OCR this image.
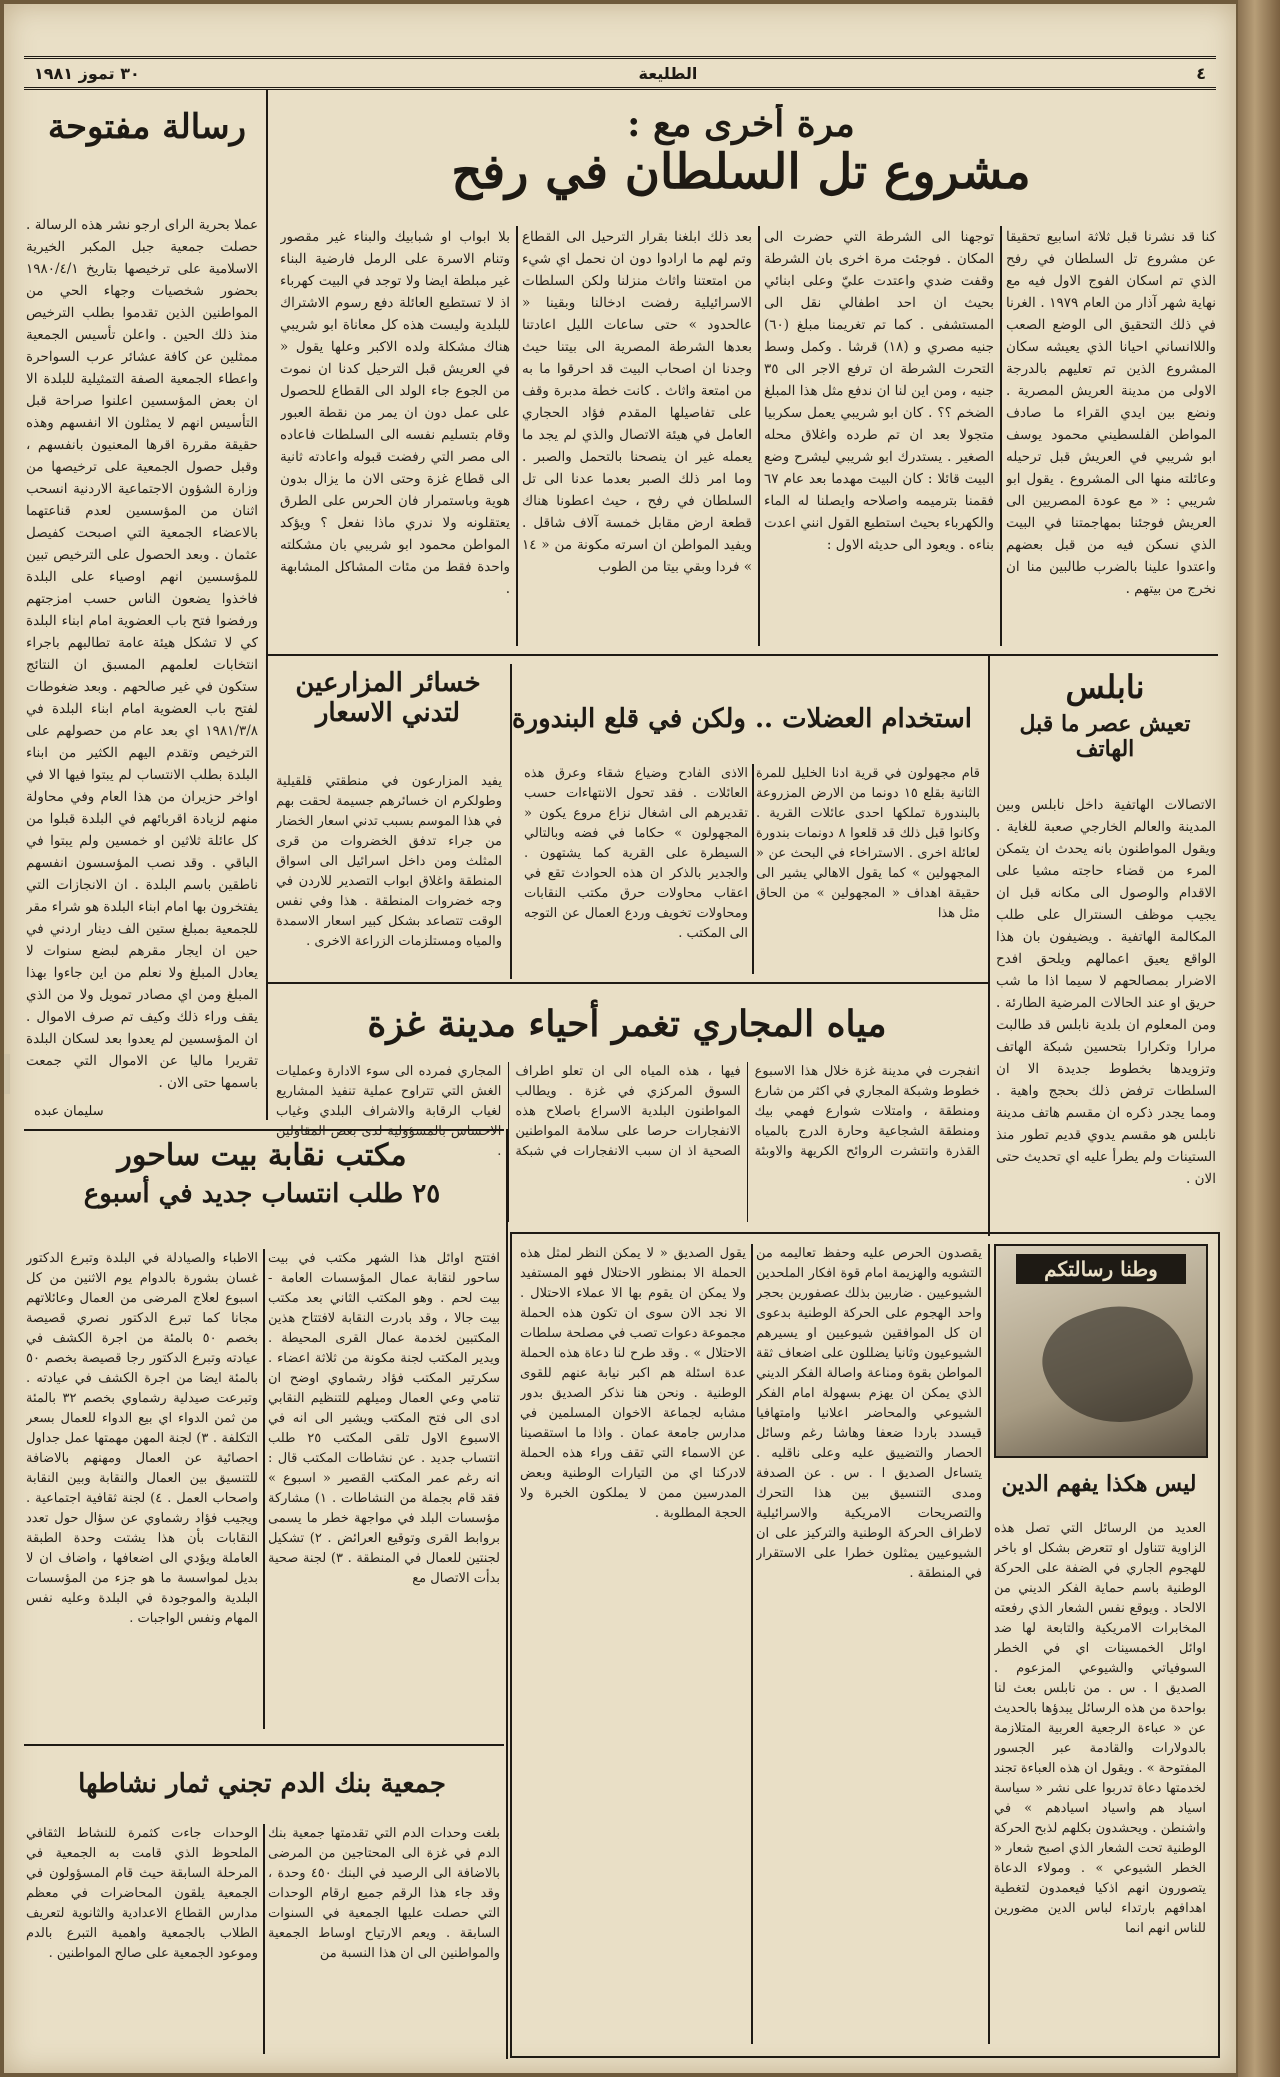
٣٠ تموز ١٩٨١	الطليعة	٤
مرة أخرى مع :
مشروع تل السلطان في رفح
كنا قد نشرنا قبل ثلاثة اسابيع تحقيقا عن مشروع تل السلطان في رفح الذي تم اسكان الفوج الاول فيه مع نهاية شهر آذار من العام ١٩٧٩ . الغرنا في ذلك التحقيق الى الوضع الصعب واللاانساني احيانا الذي يعيشه سكان المشروع الذين تم تعليهم بالدرجة الاولى من مدينة العريش المصرية . ونضع بين ايدي القراء ما صادف المواطن الفلسطيني محمود يوسف ابو شريبي في العريش قبل ترحيله وعائلته منها الى المشروع . يقول ابو شريبي : « مع عودة المصريين الى العريش فوجئنا بمهاجمتنا في البيت الذي نسكن فيه من قبل بعضهم واعتدوا علينا بالضرب طالبين منا ان نخرج من بيتهم .
توجهنا الى الشرطة التي حضرت الى المكان . فوجئت مرة اخرى بان الشرطة وقفت ضدي واعتدت عليّ وعلى ابنائي بحيث ان احد اطفالي نقل الى المستشفى . كما تم تغريمنا مبلغ (٦٠) جنيه مصري و (١٨) قرشا . وكمل وسط التحرت الشرطة ان ترفع الاجر الى ٣٥ جنيه ، ومن اين لنا ان ندفع مثل هذا المبلغ الضخم ؟؟ . كان ابو شريبي يعمل سكربيا متجولا بعد ان تم طرده واغلاق محله الصغير . يستدرك ابو شريبي ليشرح وضع البيت قائلا : كان البيت مهدما بعد عام ٦٧ فقمنا بترميمه واصلاحه وايصلنا له الماء والكهرباء بحيث استطيع القول انني اعدت بناءه . ويعود الى حديثه الاول :
بعد ذلك ابلغنا بقرار الترحيل الى القطاع وتم لهم ما ارادوا دون ان نحمل اي شيء من امتعتنا واثاث منزلنا ولكن السلطات الاسرائيلية رفضت ادخالنا وبقينا « عالحدود » حتى ساعات الليل اعادتنا بعدها الشرطة المصرية الى بيتنا حيث وجدنا ان اصحاب البيت قد احرقوا ما به من امتعة واثاث . كانت خطة مدبرة وقف على تفاصيلها المقدم فؤاد الحجاري العامل في هيئة الاتصال والذي لم يجد ما يعمله غير ان ينصحنا بالتحمل والصبر . وما امر ذلك الصبر بعدما عدنا الى تل السلطان في رفح ، حيث اعطونا هناك قطعة ارض مقابل خمسة آلاف شاقل . ويفيد المواطن ان اسرته مكونة من « ١٤ » فردا وبقي بيتا من الطوب
بلا ابواب او شبابيك والبناء غير مقصور وتنام الاسرة على الرمل فارضية البناء غير مبلطة ايضا ولا توجد في البيت كهرباء اذ لا تستطيع العائلة دفع رسوم الاشتراك للبلدية وليست هذه كل معاناة ابو شريبي هناك مشكلة ولده الاكبر وعلها يقول « في العريش قبل الترحيل كدنا ان نموت من الجوع جاء الولد الى القطاع للحصول على عمل دون ان يمر من نقطة العبور وقام بتسليم نفسه الى السلطات فاعاده الى مصر التي رفضت قبوله واعادته ثانية الى قطاع غزة وحتى الان ما يزال بدون هوية وباستمرار فان الحرس على الطرق يعتقلونه ولا ندري ماذا نفعل ؟ ويؤكد المواطن محمود ابو شريبي بان مشكلته واحدة فقط من مئات المشاكل المشابهة .
رسالة مفتوحة
عملا بحرية الراى ارجو نشر هذه الرسالة . حصلت جمعية جبل المكبر الخيرية الاسلامية على ترخيصها بتاريخ ١٩٨٠/٤/١ بحضور شخصيات وجهاء الحي من المواطنين الذين تقدموا بطلب الترخيص منذ ذلك الحين . واعلن تأسيس الجمعية ممثلين عن كافة عشائر عرب السواحرة واعطاء الجمعية الصفة التمثيلية للبلدة الا ان بعض المؤسسين اعلنوا صراحة قبل التأسيس انهم لا يمثلون الا انفسهم وهذه حقيقة مقررة اقرها المعنيون بانفسهم ، وقبل حصول الجمعية على ترخيصها من وزارة الشؤون الاجتماعية الاردنية انسحب اثنان من المؤسسين لعدم قناعتهما بالاعضاء الجمعية التي اصبحت كفيصل عثمان . وبعد الحصول على الترخيص تبين للمؤسسين انهم اوصياء على البلدة فاخذوا يضعون الناس حسب امزجتهم ورفضوا فتح باب العضوية امام ابناء البلدة كي لا تشكل هيئة عامة تطالبهم باجراء انتخابات لعلمهم المسبق ان النتائج ستكون في غير صالحهم . وبعد ضغوطات لفتح باب العضوية امام ابناء البلدة في ١٩٨١/٣/٨ اي بعد عام من حصولهم على الترخيص وتقدم اليهم الكثير من ابناء البلدة بطلب الانتساب لم يبتوا فيها الا في اواخر حزيران من هذا العام وفي محاولة منهم لزيادة اقربائهم في البلدة قبلوا من كل عائلة ثلاثين او خمسين ولم يبتوا في الباقي . وقد نصب المؤسسون انفسهم ناطقين باسم البلدة . ان الانجازات التي يفتخرون بها امام ابناء البلدة هو شراء مقر للجمعية بمبلغ ستين الف دينار اردني في حين ان ايجار مقرهم لبضع سنوات لا يعادل المبلغ ولا نعلم من اين جاءوا بهذا المبلغ ومن اي مصادر تمويل ولا من الذي يقف وراء ذلك وكيف تم صرف الاموال . ان المؤسسين لم يعدوا بعد لسكان البلدة تقريرا ماليا عن الاموال التي جمعت باسمها حتى الان .
سليمان عبده
نابلس
تعيش عصر ما قبل الهاتف
الاتصالات الهاتفية داخل نابلس وبين المدينة والعالم الخارجي صعبة للغاية . ويقول المواطنون بانه يحدث ان يتمكن المرء من قضاء حاجته مشيا على الاقدام والوصول الى مكانه قبل ان يجيب موظف السنترال على طلب المكالمة الهاتفية . ويضيفون بان هذا الواقع يعيق اعمالهم ويلحق افدح الاضرار بمصالحهم لا سيما اذا ما شب حريق او عند الحالات المرضية الطارئة . ومن المعلوم ان بلدية نابلس قد طالبت مرارا وتكرارا بتحسين شبكة الهاتف وتزويدها بخطوط جديدة الا ان السلطات ترفض ذلك بحجج واهية . ومما يجدر ذكره ان مقسم هاتف مدينة نابلس هو مقسم يدوي قديم تطور منذ الستينات ولم يطرأ عليه اي تحديث حتى الان .
استخدام العضلات .. ولكن في قلع البندورة
قام مجهولون في قرية ادنا الخليل للمرة الثانية بقلع ١٥ دونما من الارض المزروعة بالبندورة تملكها احدى عائلات القرية . وكانوا قبل ذلك قد قلعوا ٨ دونمات بندورة لعائلة اخرى . الاستراخاء في البحث عن « المجهولين » كما يقول الاهالي يشير الى حقيقة اهداف « المجهولين » من الحاق مثل هذا
الاذى الفادح وضياع شقاء وعرق هذه العائلات . فقد تحول الانتهاءات حسب تقديرهم الى اشغال نزاع مروع يكون « المجهولون » حكاما في فضه وبالتالي السيطرة على القرية كما يشتهون . والجدير بالذكر ان هذه الحوادث تقع في اعقاب محاولات حرق مكتب النقابات ومحاولات تخويف وردع العمال عن التوجه الى المكتب .
خسائر المزارعين
لتدني الاسعار
يفيد المزارعون في منطقتي قلقيلية وطولكرم ان خسائرهم جسيمة لحقت بهم في هذا الموسم بسبب تدني اسعار الخضار من جراء تدفق الخضروات من قرى المثلث ومن داخل اسرائيل الى اسواق المنطقة واغلاق ابواب التصدير للاردن في وجه خضروات المنطقة . هذا وفي نفس الوقت تتصاعد بشكل كبير اسعار الاسمدة والمياه ومستلزمات الزراعة الاخرى .
مياه المجاري تغمر أحياء مدينة غزة
انفجرت في مدينة غزة خلال هذا الاسبوع خطوط وشبكة المجاري في اكثر من شارع ومنطقة ، وامتلات شوارع فهمي بيك ومنطقة الشجاعية وحارة الدرج بالمياه القذرة وانتشرت الروائح الكريهة والاوبئة فيها ، هذه المياه الى ان تعلو اطراف السوق المركزي في غزة . ويطالب المواطنون البلدية الاسراع باصلاح هذه الانفجارات حرصا على سلامة المواطنين الصحية اذ ان سبب الانفجارات في شبكة المجاري فمرده الى سوء الادارة وعمليات الغش التي تتراوح عملية تنفيذ المشاريع لغياب الرقابة والاشراف البلدي وغياب الاحساس بالمسؤولية لدى بعض المقاولين .
مكتب نقابة بيت ساحور
٢٥ طلب انتساب جديد في أسبوع
افتتح اوائل هذا الشهر مكتب في بيت ساحور لنقابة عمال المؤسسات العامة - بيت لحم . وهو المكتب الثاني بعد مكتب بيت جالا ، وقد بادرت النقابة لافتتاح هذين المكتبين لخدمة عمال القرى المحيطة . ويدير المكتب لجنة مكونة من ثلاثة اعضاء . سكرتير المكتب فؤاد رشماوي اوضح ان تنامي وعي العمال وميلهم للتنظيم النقابي ادى الى فتح المكتب ويشير الى انه في الاسبوع الاول تلقى المكتب ٢٥ طلب انتساب جديد . عن نشاطات المكتب قال : انه رغم عمر المكتب القصير « اسبوع » فقد قام بجملة من النشاطات . ١) مشاركة مؤسسات البلد في مواجهة خطر ما يسمى بروابط القرى وتوقيع العرائض . ٢) تشكيل لجنتين للعمال في المنطقة . ٣) لجنة صحية بدأت الاتصال مع
الاطباء والصيادلة في البلدة وتبرع الدكتور غسان بشورة بالدوام يوم الاثنين من كل اسبوع لعلاج المرضى من العمال وعائلاتهم مجانا كما تبرع الدكتور نصري قصيصة بخصم ٥٠ بالمئة من اجرة الكشف في عيادته وتبرع الدكتور رجا قصيصة بخصم ٥٠ بالمئة ايضا من اجرة الكشف في عيادته . وتبرعت صيدلية رشماوي بخصم ٣٢ بالمئة من ثمن الدواء اي بيع الدواء للعمال بسعر التكلفة . ٣) لجنة المهن مهمتها عمل جداول احصائية عن العمال ومهنهم بالاضافة للتنسيق بين العمال والنقابة وبين النقابة واصحاب العمل . ٤) لجنة ثقافية اجتماعية . ويجيب فؤاد رشماوي عن سؤال حول تعدد النقابات بأن هذا يشتت وحدة الطبقة العاملة ويؤدي الى اضعافها ، واضاف ان لا بديل لمواسسة ما هو جزء من المؤسسات البلدية والموجودة في البلدة وعليه نفس المهام ونفس الواجبات .
جمعية بنك الدم تجني ثمار نشاطها
بلغت وحدات الدم التي تقدمتها جمعية بنك الدم في غزة الى المحتاجين من المرضى بالاضافة الى الرصيد في البنك ٤٥٠ وحدة ، وقد جاء هذا الرقم جميع ارقام الوحدات التي حصلت عليها الجمعية في السنوات السابقة . ويعم الارتياح اوساط الجمعية والمواطنين الى ان هذا النسبة من
الوحدات جاءت كثمرة للنشاط الثقافي الملحوظ الذي قامت به الجمعية في المرحلة السابقة حيث قام المسؤولون في الجمعية يلقون المحاضرات في معظم مدارس القطاع الاعدادية والثانوية لتعريف الطلاب بالجمعية واهمية التبرع بالدم وموعود الجمعية على صالح المواطنين .
وطنا رسالتكم
ليس هكذا يفهم الدين
العديد من الرسائل التي تصل هذه الزاوية تتناول او تتعرض بشكل او باخر للهجوم الجاري في الضفة على الحركة الوطنية باسم حماية الفكر الديني من الالحاد . ويوقع نفس الشعار الذي رفعته المخابرات الامريكية والتابعة لها ضد اوائل الخمسينات اي في الخطر السوفياتي والشيوعي المزعوم . الصديق ا . س . من نابلس بعث لنا بواحدة من هذه الرسائل يبدؤها بالحديث عن « عباءة الرجعية العربية المتلازمة بالدولارات والقادمة عبر الجسور المفتوحة » . ويقول ان هذه العباءة تجند لخدمتها دعاة تدربوا على نشر « سياسة اسياد هم واسياد اسيادهم » في واشنطن . ويحشدون بكلهم لذبح الحركة الوطنية تحت الشعار الذي اصبح شعار « الخطر الشيوعي » . ومولاء الدعاة يتصورون انهم اذكيا فيعمدون لتغطية اهدافهم بارتداء لباس الدين مضورين للناس انهم انما
يقصدون الحرص عليه وحفظ تعاليمه من التشويه والهزيمة امام قوة افكار الملحدين الشيوعيين . ضاربين بذلك عصفورين بحجر واحد الهجوم على الحركة الوطنية بدعوى ان كل الموافقين شيوعيين او يسيرهم الشيوعيون وثانيا يضللون على اضعاف ثقة المواطن بقوة ومناعة واصالة الفكر الديني الذي يمكن ان يهزم بسهولة امام الفكر الشيوعي والمحاضر اعلانيا وامتهافيا قيسدد باردا ضعفا وهاشا رغم وسائل الحصار والتضييق عليه وعلى ناقليه . يتساءل الصديق ا . س . عن الصدفة ومدى التنسيق بين هذا التحرك والتصريحات الامريكية والاسرائيلية لاطراف الحركة الوطنية والتركيز على ان الشيوعيين يمثلون خطرا على الاستقرار في المنطقة .
يقول الصديق « لا يمكن النظر لمثل هذه الحملة الا بمنظور الاحتلال فهو المستفيد ولا يمكن ان يقوم بها الا عملاء الاحتلال . الا نجد الان سوى ان تكون هذه الحملة مجموعة دعوات تصب في مصلحة سلطات الاحتلال » . وقد طرح لنا دعاة هذه الحملة عدة اسئلة هم اكبر نيابة عنهم للقوى الوطنية . ونحن هنا نذكر الصديق بدور مشابه لجماعة الاخوان المسلمين في مدارس جامعة عمان . واذا ما استقصينا عن الاسماء التي تقف وراء هذه الحملة لادركنا اي من التيارات الوطنية وبعض المدرسين ممن لا يملكون الخبرة ولا الحجة المطلوبة .
